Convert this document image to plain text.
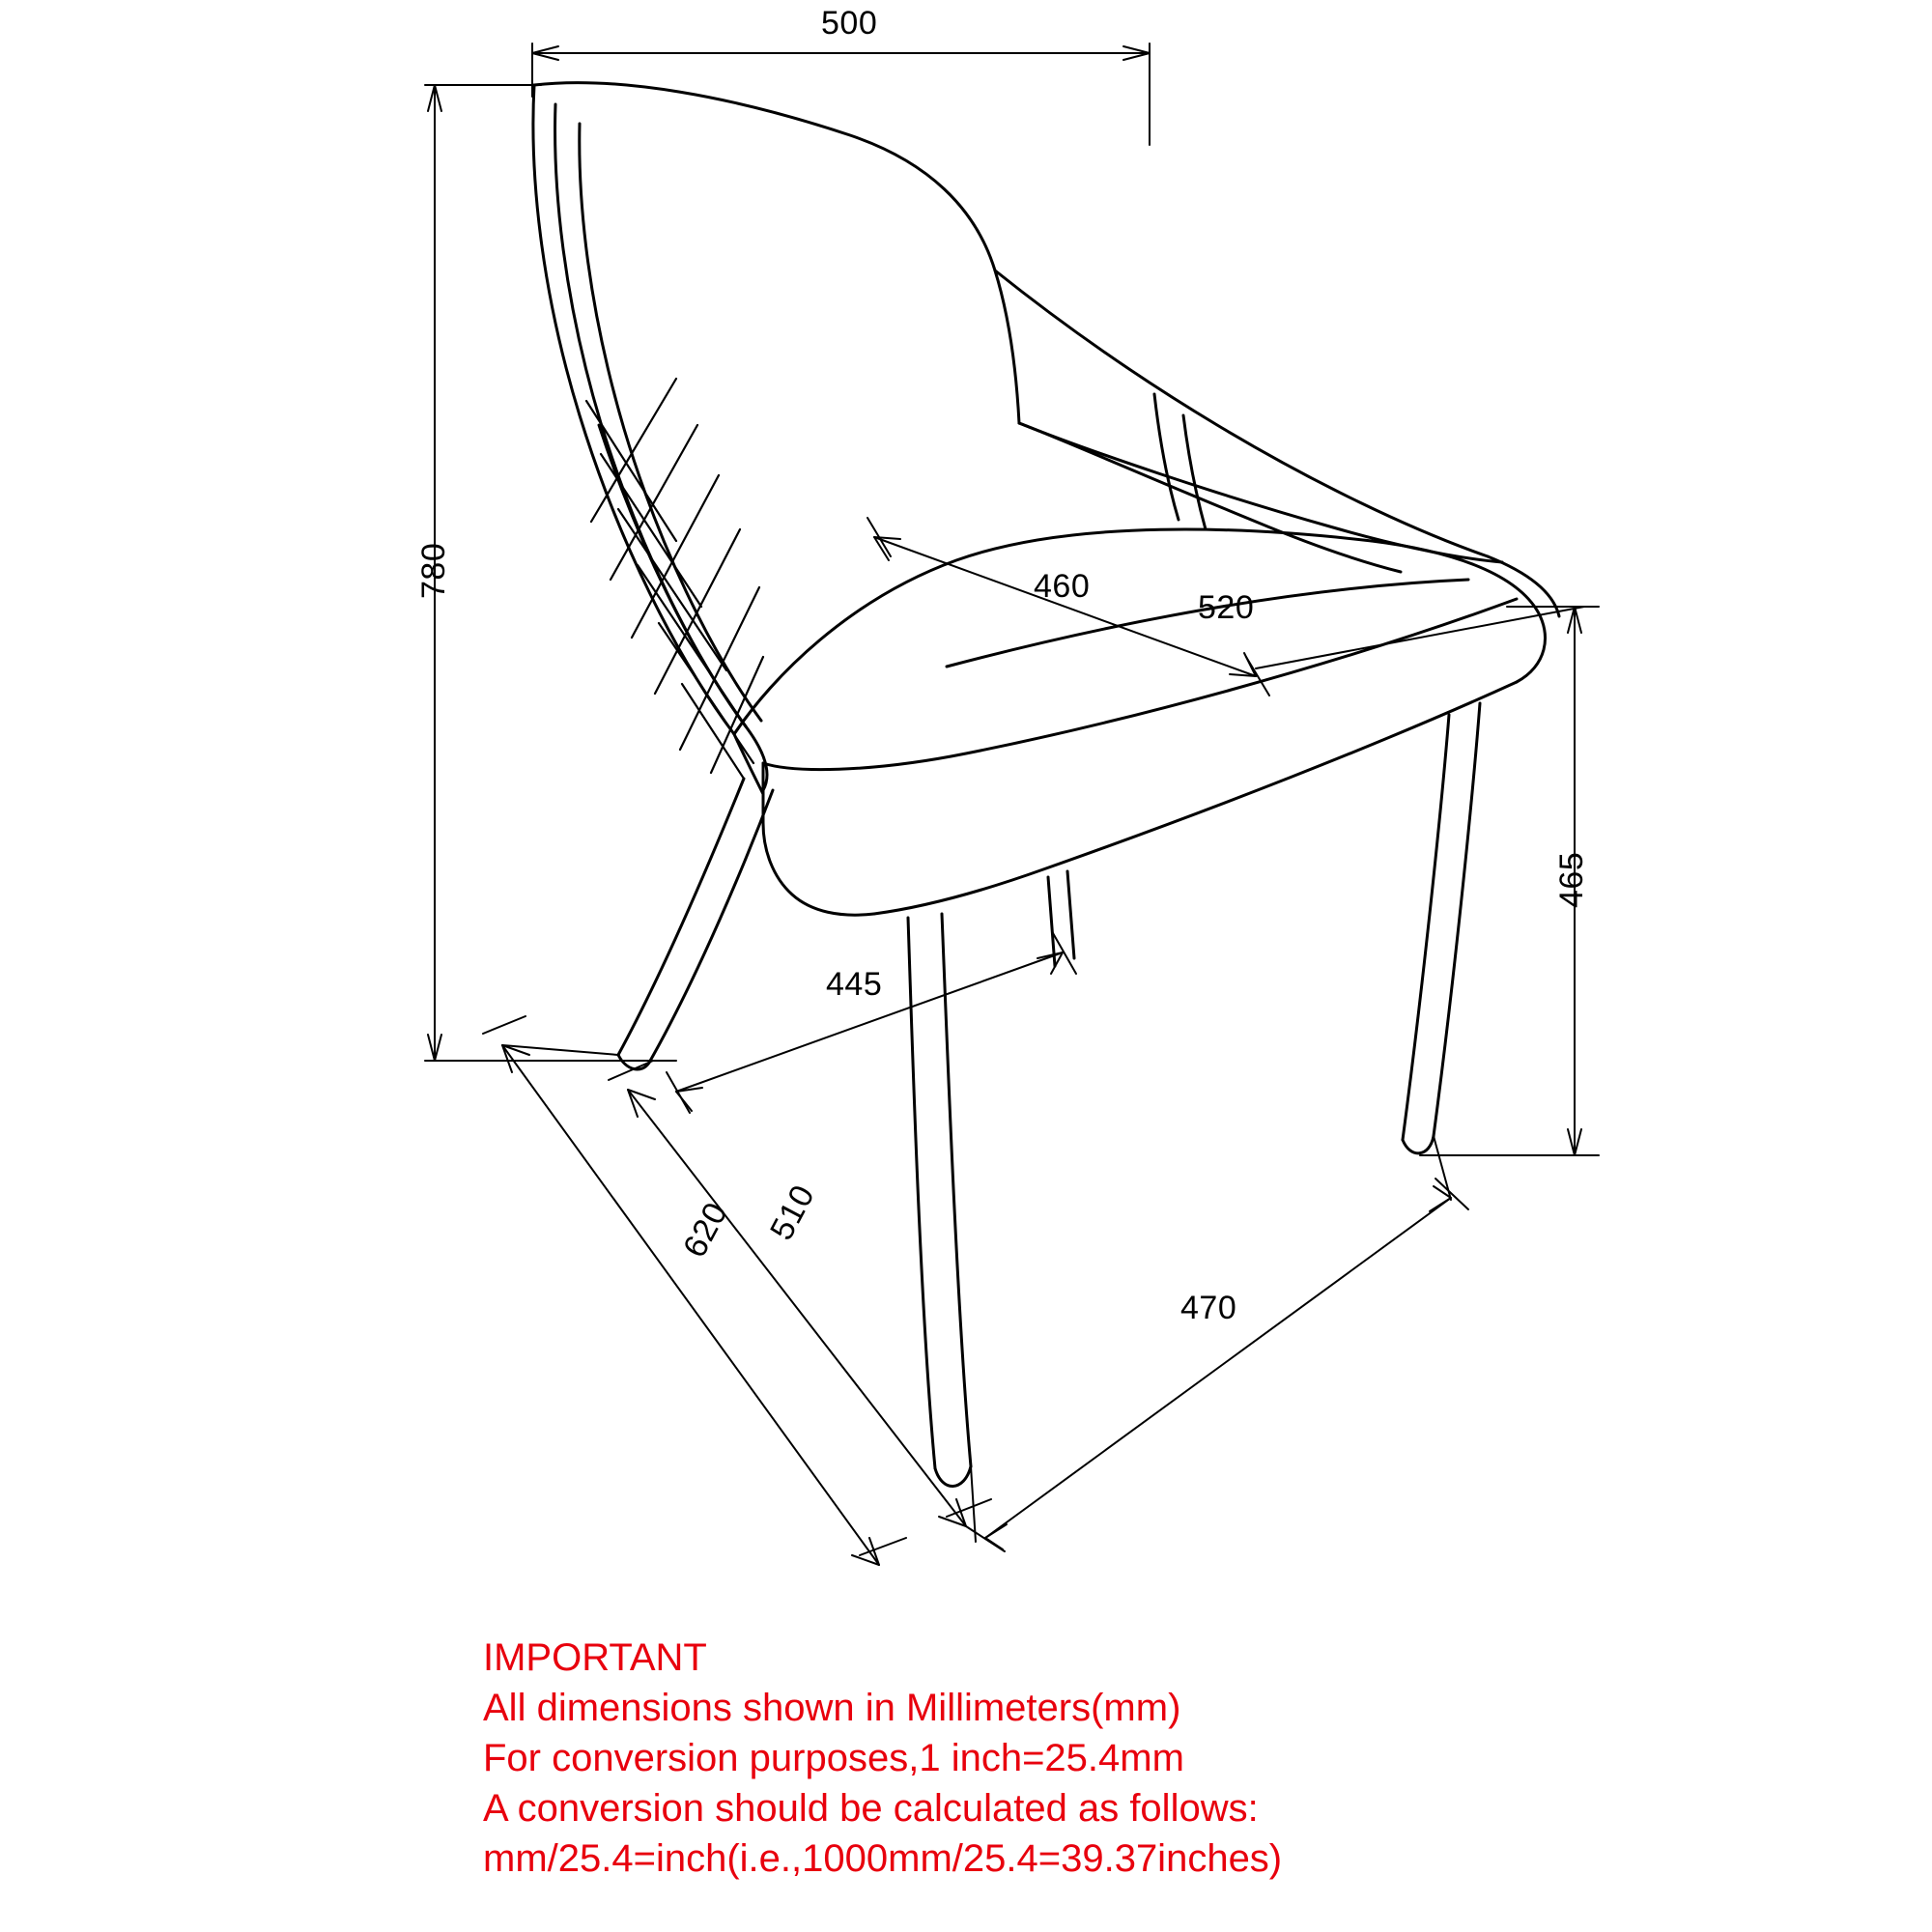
500
780	460
520
465
445
620 510
470
IMPORTANT
All dimensions shown in Millimeters(mm)
For conversion purposes,1 inch=25.4mm
A conversion should be calculated as follows:
mm/25.4=inch(i.e.,1000mm/25.4=39.37inches)
